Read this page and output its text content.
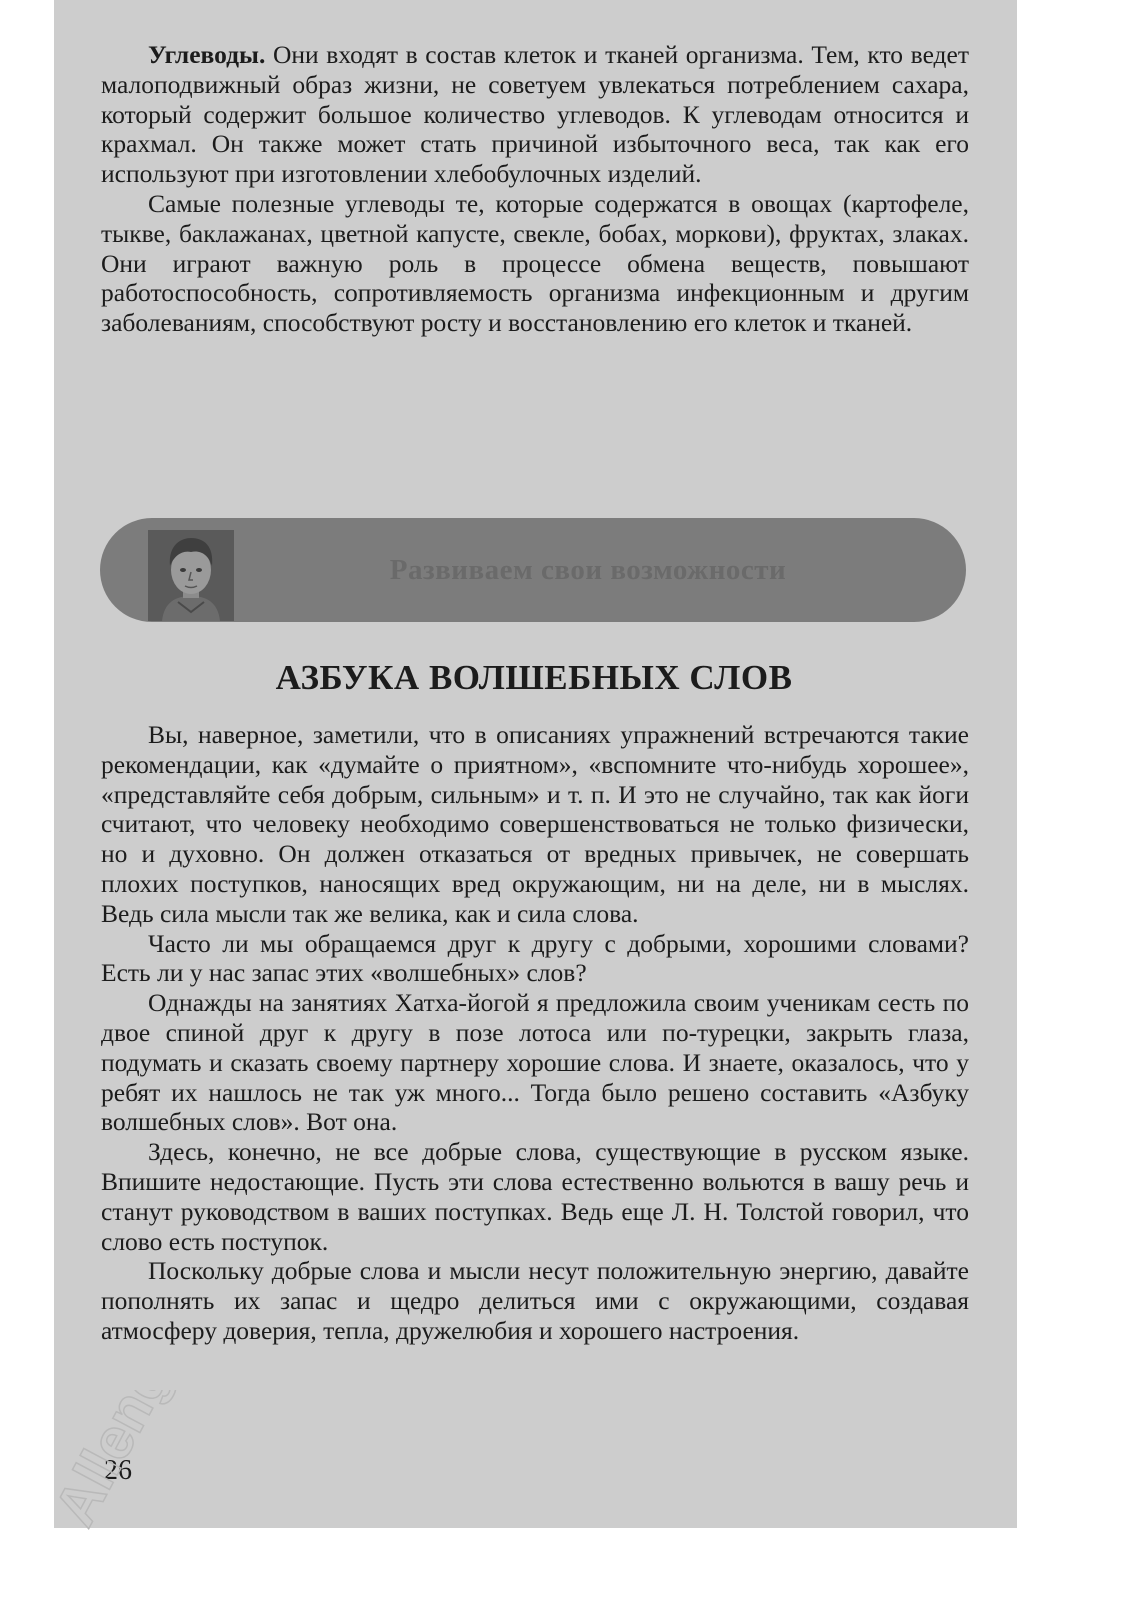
Углеводы. Они входят в состав клеток и тканей организма. Тем, кто ведет малоподвижный образ жизни, не советуем увлекаться потреблением сахара, который содержит большое количество углеводов. К углеводам относится и крахмал. Он также может стать причиной избыточного веса, так как его используют при изготовлении хлебобулочных изделий.

Самые полезные углеводы те, которые содержатся в овощах (картофеле, тыкве, баклажанах, цветной капусте, свекле, бобах, моркови), фруктах, злаках. Они играют важную роль в процессе обмена веществ, повышают работоспособность, сопротивляемость организма инфекционным и другим заболеваниям, способствуют росту и восстановлению его клеток и тканей.

Развиваем свои возможности
АЗБУКА ВОЛШЕБНЫХ СЛОВ

Вы, наверное, заметили, что в описаниях упражнений встречаются такие рекомендации, как «думайте о приятном», «вспомните что-нибудь хорошее», «представляйте себя добрым, сильным» и т. п. И это не случайно, так как йоги считают, что человеку необходимо совершенствоваться не только физически, но и духовно. Он должен отказаться от вредных привычек, не совершать плохих поступков, наносящих вред окружающим, ни на деле, ни в мыслях. Ведь сила мысли так же велика, как и сила слова.

Часто ли мы обращаемся друг к другу с добрыми, хорошими словами? Есть ли у нас запас этих «волшебных» слов?

Однажды на занятиях Хатха-йогой я предложила своим ученикам сесть по двое спиной друг к другу в позе лотоса или по-турецки, закрыть глаза, подумать и сказать своему партнеру хорошие слова. И знаете, оказалось, что у ребят их нашлось не так уж много... Тогда было решено составить «Азбуку волшебных слов». Вот она.

Здесь, конечно, не все добрые слова, существующие в русском языке. Впишите недостающие. Пусть эти слова естественно вольются в вашу речь и станут руководством в ваших поступках. Ведь еще Л. Н. Толстой говорил, что слово есть поступок.

Поскольку добрые слова и мысли несут положительную энергию, давайте пополнять их запас и щедро делиться ими с окружающими, создавая атмосферу доверия, тепла, дружелюбия и хорошего настроения.

26
Alleng
